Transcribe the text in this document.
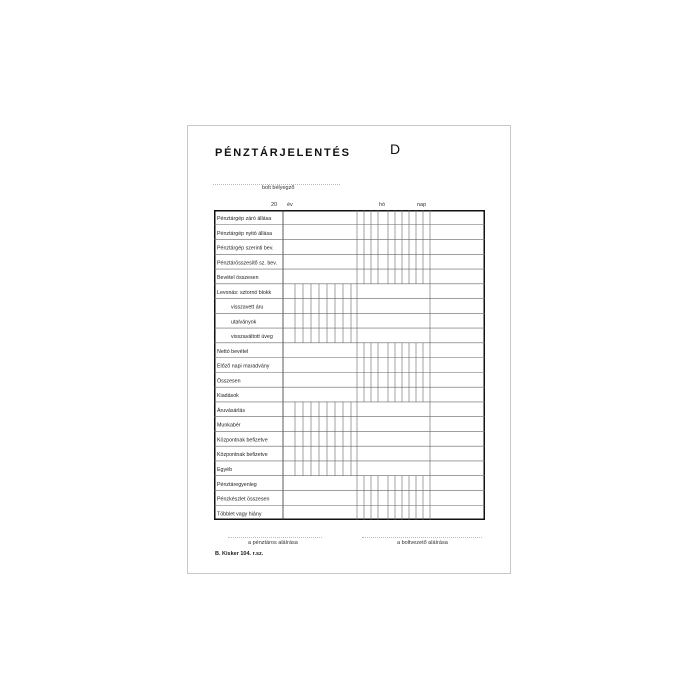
PÉNZTÁRJELENTÉS	D
bolt bélyegző
20 év	hó	nap
Pénztárgép záró állása
Pénztárgép nyitó állása
Pénztárgép szerinti bev.
Pénztárösszesítő sz. bev.
Bevétel összesen
Levonás: sztornó blokk
visszavett áru
utalványok
visszaváltott üveg
Nettó bevétel
Előző napi maradvány
Összesen
Kiadások
Áruvásárlás
Munkabér
Központnak befizetve
Központnak befizetve
Egyéb
Pénztáregyenleg
Pénzkészlet összesen
Többlet vagy hiány
a pénztáros aláírása	a boltvezető aláírása
B. Kisker 104. r.sz.
